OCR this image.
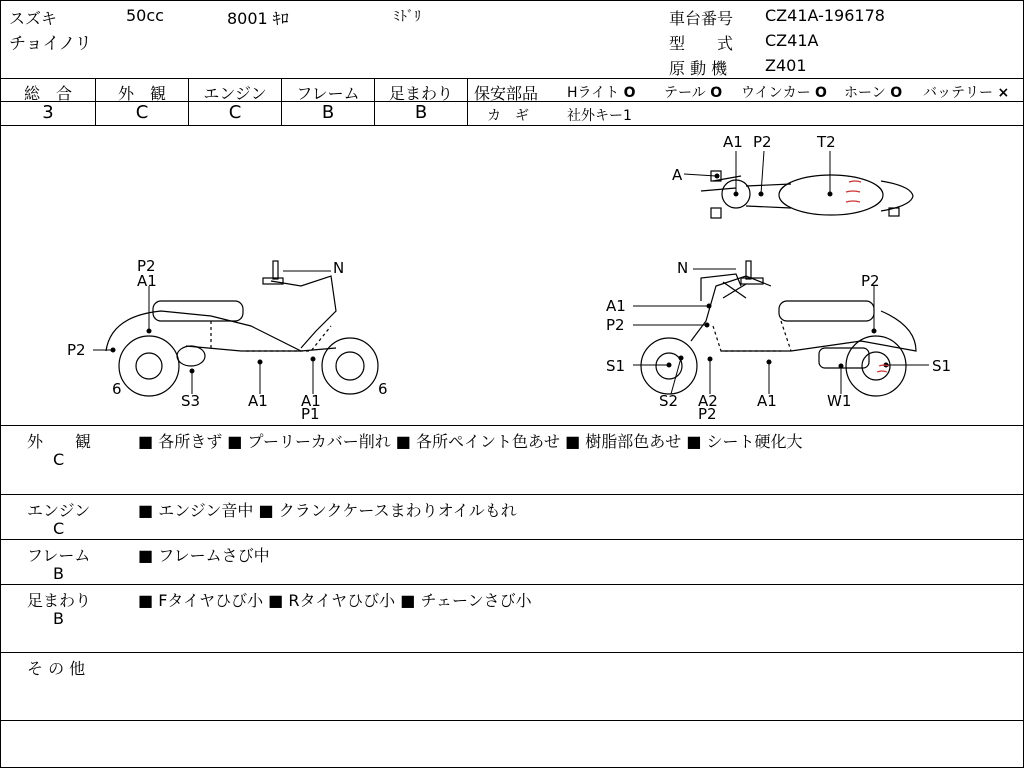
スズキ	50cc	8001 ｷﾛ	ﾐﾄﾞﾘ
チョイノリ
車台番号 CZ41A-196178
型　　式 CZ41A
原 動 機 Z401
総　合	外　観	エンジン	フレーム	足まわり
3	C	C	B	B
保安部品 Hライト O テール O ウインカー O ホーン O バッテリー ×
カ　ギ	社外キー1
A
A1 P2	T2
P2
A1
N
P2
6
S3	A1 A1
P1
6
N
P2
A1
P2
S1	S1
S2 A2
P2
A1	W1
外　　観
C
■ 各所きず ■ プーリーカバー削れ ■ 各所ペイント色あせ ■ 樹脂部色あせ ■ シート硬化大
エンジン
C
■ エンジン音中 ■ クランクケースまわりオイルもれ
フレーム
B
■ フレームさび中
足まわり
B
■ Fタイヤひび小 ■ Rタイヤひび小 ■ チェーンさび小
そ の 他
